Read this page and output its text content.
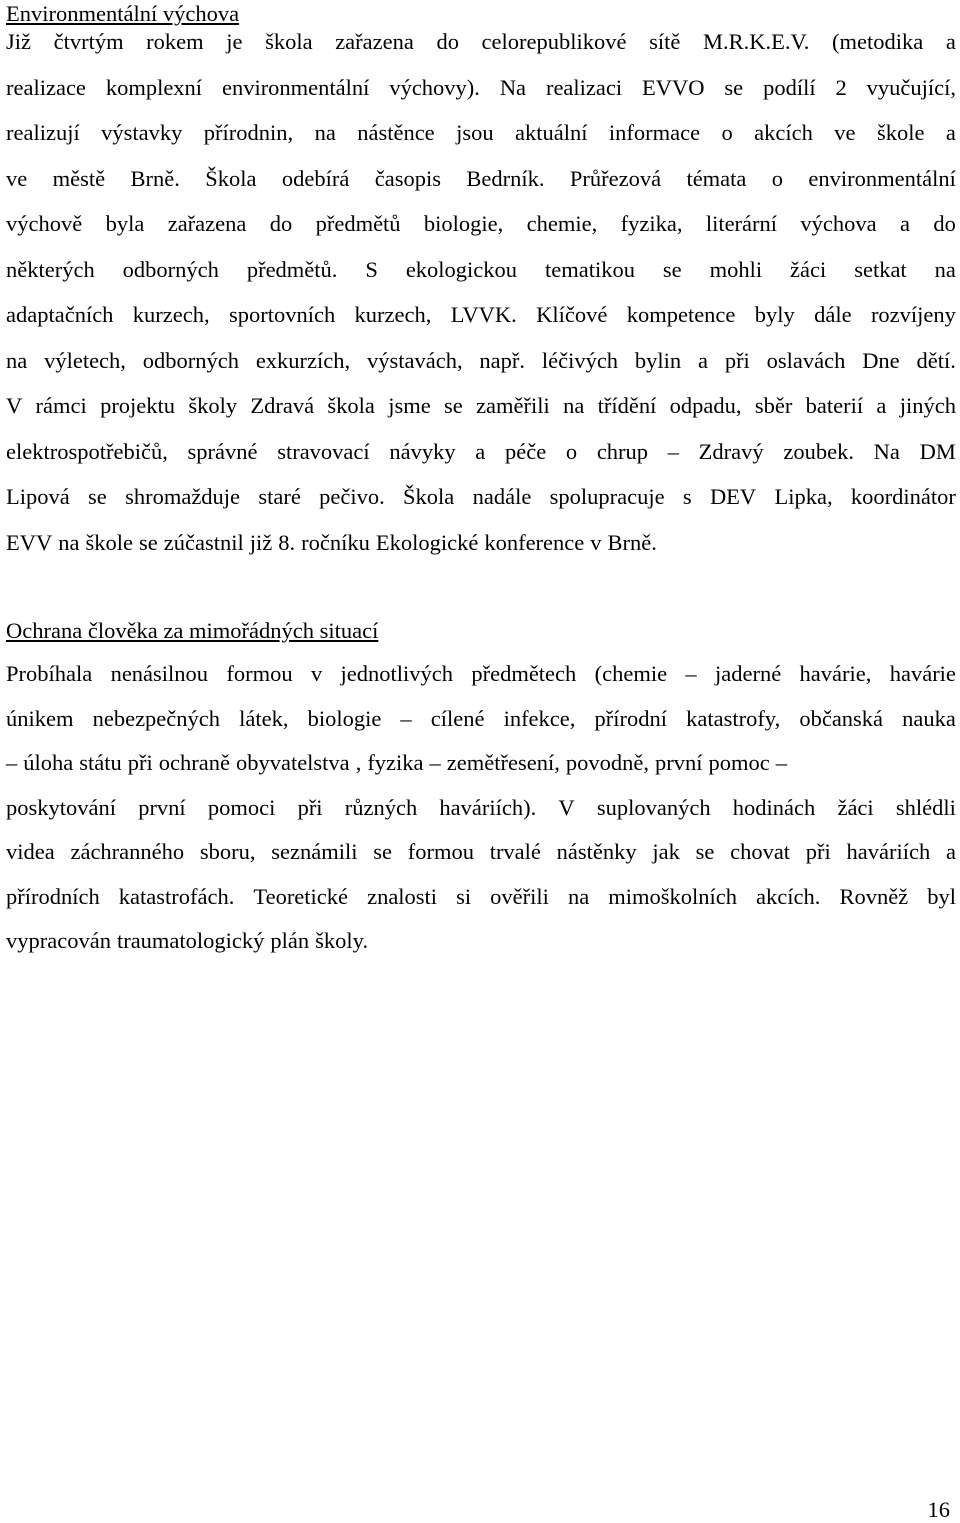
Environmentální výchova
Již čtvrtým rokem je škola zařazena do celorepublikové sítě M.R.K.E.V. (metodika a
realizace komplexní environmentální výchovy). Na realizaci EVVO se podílí 2 vyučující,
realizují výstavky přírodnin, na nástěnce jsou aktuální informace o akcích ve škole a
ve městě Brně. Škola odebírá časopis Bedrník. Průřezová témata o environmentální
výchově byla zařazena do předmětů biologie, chemie, fyzika, literární výchova a do
některých odborných předmětů. S ekologickou tematikou se mohli žáci setkat na
adaptačních kurzech, sportovních kurzech, LVVK. Klíčové kompetence byly dále rozvíjeny
na výletech, odborných exkurzích, výstavách, např. léčivých bylin a při oslavách Dne dětí.
V rámci projektu školy Zdravá škola jsme se zaměřili na třídění odpadu, sběr baterií a jiných
elektrospotřebičů, správné stravovací návyky a péče o chrup – Zdravý zoubek. Na DM
Lipová se shromažduje staré pečivo. Škola nadále spolupracuje s DEV Lipka, koordinátor
EVV na škole se zúčastnil již 8. ročníku Ekologické konference v Brně.
Ochrana člověka za mimořádných situací
Probíhala nenásilnou formou v jednotlivých předmětech (chemie – jaderné havárie, havárie
únikem nebezpečných látek, biologie – cílené infekce, přírodní katastrofy, občanská nauka
– úloha státu při ochraně obyvatelstva , fyzika – zemětřesení, povodně, první pomoc –
poskytování první pomoci při různých haváriích). V suplovaných hodinách žáci shlédli
videa záchranného sboru, seznámili se formou trvalé nástěnky jak se chovat při haváriích a
přírodních katastrofách. Teoretické znalosti si ověřili na mimoškolních akcích. Rovněž byl
vypracován traumatologický plán školy.
16
